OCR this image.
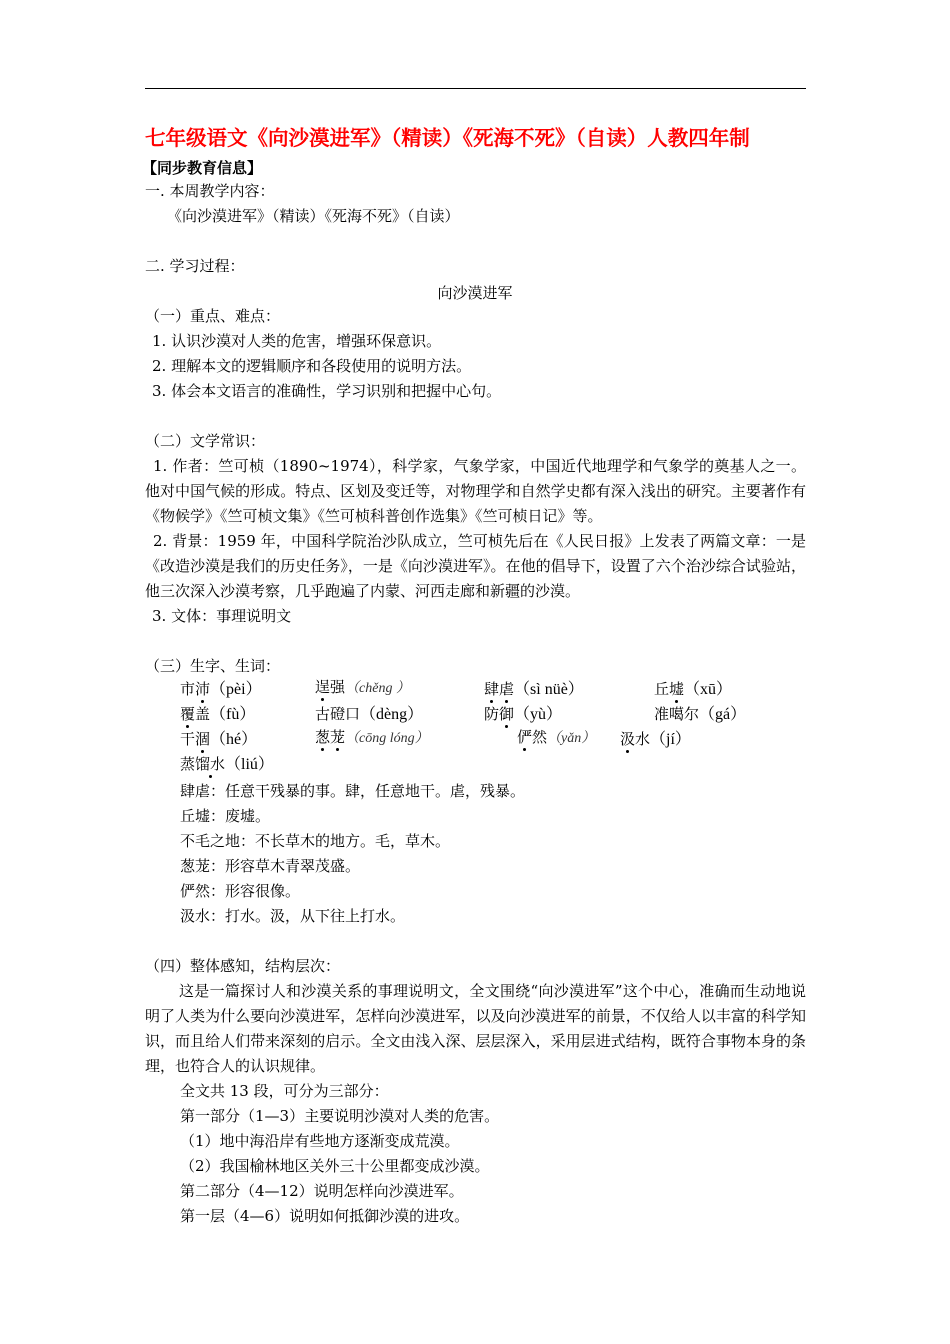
七年级语文《向沙漠进军》（精读）《死海不死》（自读）人教四年制
【同步教育信息】
一. 本周教学内容：
《向沙漠进军》（精读）《死海不死》（自读）
二. 学习过程：
向沙漠进军
（一）重点、难点：
1. 认识沙漠对人类的危害，增强环保意识。
2. 理解本文的逻辑顺序和各段使用的说明方法。
3. 体会本文语言的准确性，学习识别和把握中心句。
（二）文学常识：
1. 作者：竺可桢（1890~1974），科学家，气象学家，中国近代地理学和气象学的奠基人之一。他对中国气候的形成。特点、区划及变迁等，对物理学和自然学史都有深入浅出的研究。主要著作有《物候学》《竺可桢文集》《竺可桢科普创作选集》《竺可桢日记》等。
2. 背景：1959 年，中国科学院治沙队成立，竺可桢先后在《人民日报》上发表了两篇文章：一是《改造沙漠是我们的历史任务》，一是《向沙漠进军》。在他的倡导下，设置了六个治沙综合试验站，他三次深入沙漠考察，几乎跑遍了内蒙、河西走廊和新疆的沙漠。
3. 文体：事理说明文
（三）生字、生词：
市沛（pèi）	逞强（chěng ）	肆虐（sì nüè）	丘墟（xū）
覆盖（fù）	古磴口（dèng）	防御（yù）	准噶尔（gá）
干涸（hé）	葱茏（cōng lóng）	俨然（yǎn） 汲水（jí）
蒸馏水（liú）
肆虐：任意干残暴的事。肆，任意地干。虐，残暴。
丘墟：废墟。
不毛之地：不长草木的地方。毛，草木。
葱茏：形容草木青翠茂盛。
俨然：形容很像。
汲水：打水。汲，从下往上打水。
（四）整体感知，结构层次：
这是一篇探讨人和沙漠关系的事理说明文，全文围绕“向沙漠进军”这个中心，准确而生动地说明了人类为什么要向沙漠进军，怎样向沙漠进军，以及向沙漠进军的前景，不仅给人以丰富的科学知识，而且给人们带来深刻的启示。全文由浅入深、层层深入，采用层进式结构，既符合事物本身的条理，也符合人的认识规律。
全文共 13 段，可分为三部分：
第一部分（1—3）主要说明沙漠对人类的危害。
（1）地中海沿岸有些地方逐渐变成荒漠。
（2）我国榆林地区关外三十公里都变成沙漠。
第二部分（4—12）说明怎样向沙漠进军。
第一层（4—6）说明如何抵御沙漠的进攻。
